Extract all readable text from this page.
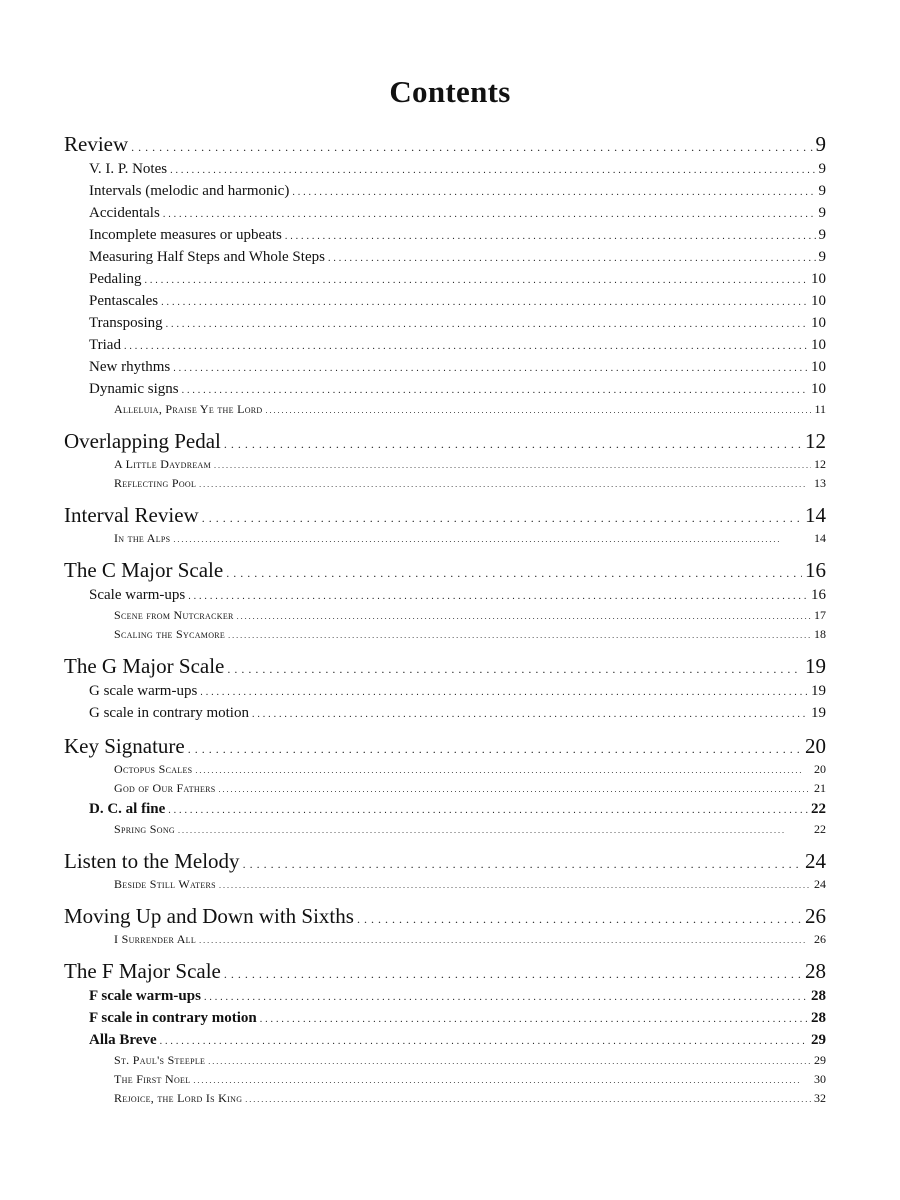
Contents
Review . . .	9
V. I. P. Notes . . .	9
Intervals (melodic and harmonic) . . .	9
Accidentals . . .	9
Incomplete measures or upbeats . . .	9
Measuring Half Steps and Whole Steps . . .	9
Pedaling . . .	10
Pentascales . . .	10
Transposing . . .	10
Triad . . .	10
New rhythms . . .	10
Dynamic signs . . .	10
Alleluia, Praise Ye the Lord . . .	11
Overlapping Pedal . . .	12
A Little Daydream . . .	12
Reflecting Pool . . .	13
Interval Review . . .	14
In the Alps . . .	14
The C Major Scale . . .	16
Scale warm-ups . . .	16
Scene from Nutcracker . . .	17
Scaling the Sycamore . . .	18
The G Major Scale . . .	19
G scale warm-ups . . .	19
G scale in contrary motion . . .	19
Key Signature . . .	20
Octopus Scales . . .	20
God of Our Fathers . . .	21
D. C. al fine . . .	22
Spring Song . . .	22
Listen to the Melody . . .	24
Beside Still Waters . . .	24
Moving Up and Down with Sixths . . .	26
I Surrender All . . .	26
The F Major Scale . . .	28
F scale warm-ups . . .	28
F scale in contrary motion . . .	28
Alla Breve . . .	29
St. Paul's Steeple . . .	29
The First Noel . . .	30
Rejoice, the Lord Is King . . .	32
